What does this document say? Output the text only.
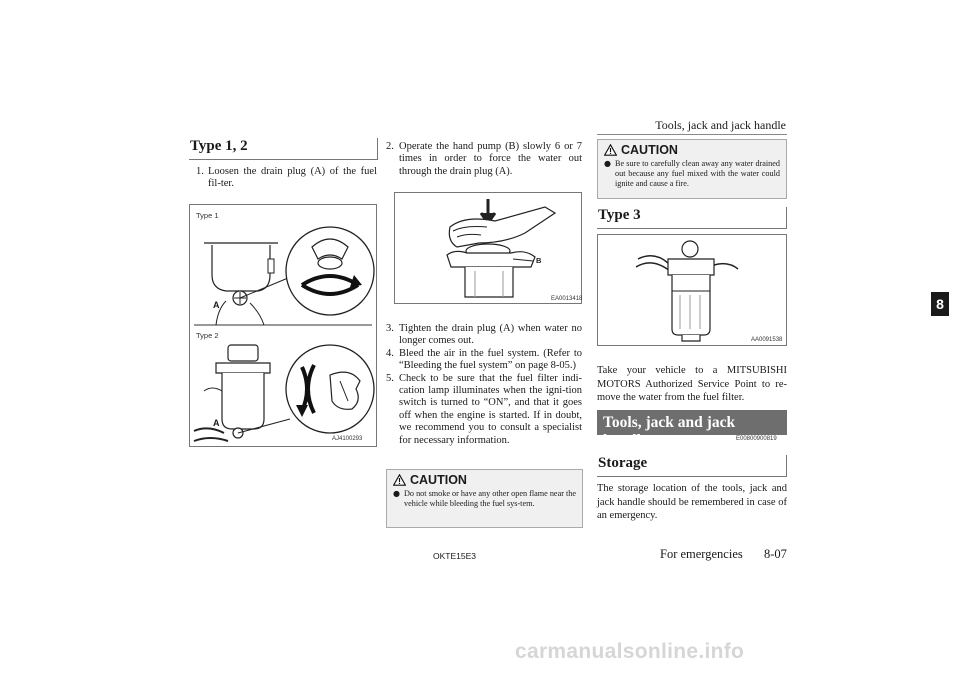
Tools, jack and jack handle
8
Type 1, 2
1. Loosen the drain plug (A) of the fuel fil-ter.
Type 1
Type 2
A
A
AJ4100293
2. Operate the hand pump (B) slowly 6 or 7 times in order to force the water out through the drain plug (A).
B
EA0013418
3. Tighten the drain plug (A) when water no longer comes out.
4. Bleed the air in the fuel system. (Refer to “Bleeding the fuel system” on page 8-05.)
5. Check to be sure that the fuel filter indi-cation lamp illuminates when the igni-tion switch is turned to “ON”, and that it goes off when the engine is started. If in doubt, we recommend you to consult a specialist for necessary information.
CAUTION
● Do not smoke or have any other open flame near the vehicle while bleeding the fuel sys-tem.
CAUTION
● Be sure to carefully clean away any water drained out because any fuel mixed with the water could ignite and cause a fire.
Type 3
AA0091538
Take your vehicle to a MITSUBISHI MOTORS Authorized Service Point to re-move the water from the fuel filter.
Tools, jack and jack handle	E00800900819
Storage
The storage location of the tools, jack and jack handle should be remembered in case of an emergency.
OKTE15E3	For emergencies 8-07
carmanualsonline.info
